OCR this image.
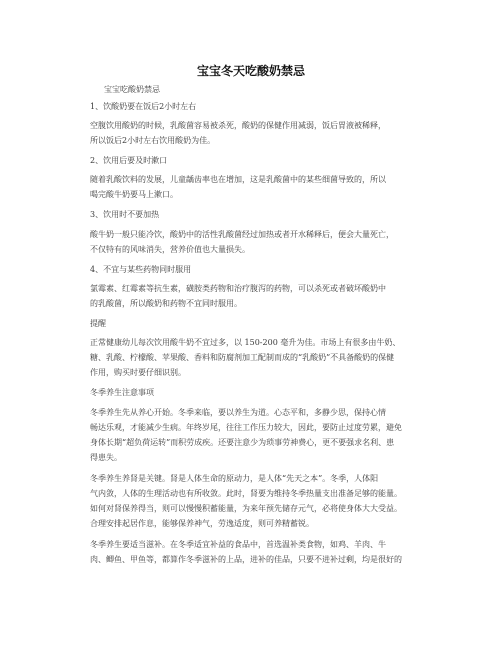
宝宝冬天吃酸奶禁忌
宝宝吃酸奶禁忌
1、饮酸奶要在饭后2小时左右
空腹饮用酸奶的时候，乳酸菌容易被杀死，酸奶的保健作用减弱，饭后胃液被稀释，
所以饭后2小时左右饮用酸奶为佳。
2、饮用后要及时漱口
随着乳酸饮料的发展，儿童龋齿率也在增加，这是乳酸菌中的某些细菌导致的，所以
喝完酸牛奶要马上漱口。
3、饮用时不要加热
酸牛奶一般只能冷饮，酸奶中的活性乳酸菌经过加热或者开水稀释后，便会大量死亡，
不仅特有的风味消失，营养价值也大量损失。
4、不宜与某些药物同时服用
氯霉素、红霉素等抗生素，磺胺类药物和治疗腹泻的药物，可以杀死或者破坏酸奶中
的乳酸菌，所以酸奶和药物不宜同时服用。
提醒
正常健康幼儿每次饮用酸牛奶不宜过多，以 150-200 毫升为佳。市场上有很多由牛奶、
糖、乳酸、柠檬酸、苹果酸、香料和防腐剂加工配制而成的“乳酸奶”不具备酸奶的保健
作用，购买时要仔细识别。
冬季养生注意事项
冬季养生先从养心开始。冬季来临，要以养生为道。心态平和，多静少思，保持心情
畅达乐观，才能减少生病。年终岁尾，往往工作压力较大，因此，要防止过度劳累，避免
身体长期“超负荷运转”而积劳成疾。还要注意少为琐事劳神费心，更不要强求名利、患
得患失。
冬季养生养肾是关键。肾是人体生命的原动力，是人体“先天之本”。冬季，人体阳
气内敛，人体的生理活动也有所收敛。此时，肾要为维持冬季热量支出准备足够的能量。
如何对肾保养得当，则可以慢慢积蓄能量，为来年预先储存元气，必将使身体大大受益。
合理安排起居作息，能够保养神气，劳逸适度，则可养精蓄锐。
冬季养生要适当滋补。在冬季适宜补益的食品中，首选温补类食物，如鸡、羊肉、牛
肉、鲫鱼、甲鱼等，都算作冬季滋补的上品，进补的佳品，只要不进补过剩，均是很好的
